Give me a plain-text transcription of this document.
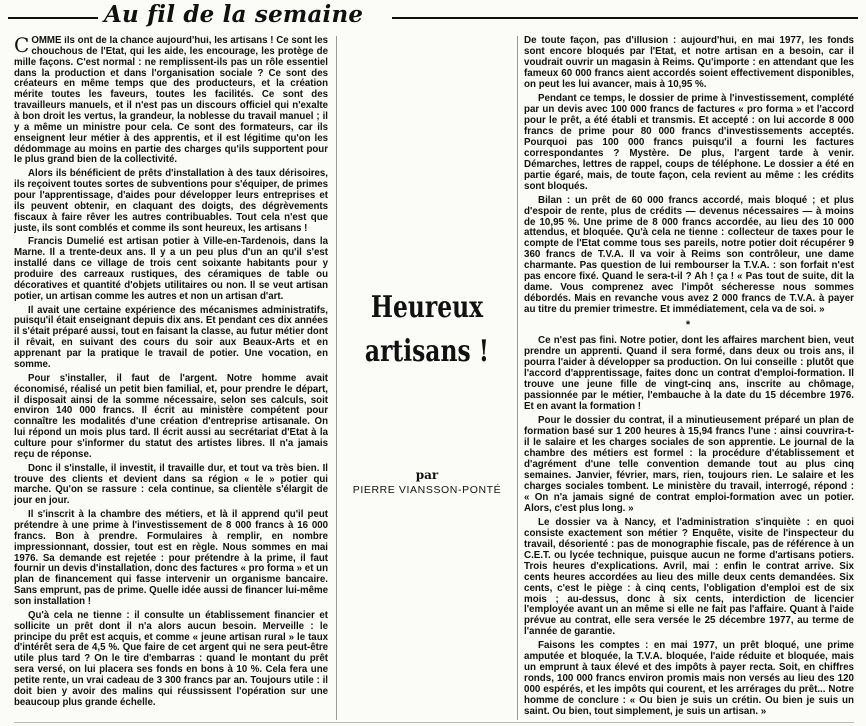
Au fil de la semaine

COMME ils ont de la chance aujourd'hui, les artisans ! Ce sont les chouchous de l'Etat, qui les aide, les encourage, les protège de mille façons. C'est normal : ne remplissent-ils pas un rôle essentiel dans la production et dans l'organisation sociale ? Ce sont des créateurs en même temps que des producteurs, et la création mérite toutes les faveurs, toutes les facilités. Ce sont des travailleurs manuels, et il n'est pas un discours officiel qui n'exalte à bon droit les vertus, la grandeur, la noblesse du travail manuel ; il y a même un ministre pour cela. Ce sont des formateurs, car ils enseignent leur métier à des apprentis, et il est légitime qu'on les dédommage au moins en partie des charges qu'ils supportent pour le plus grand bien de la collectivité.

Alors ils bénéficient de prêts d'installation à des taux dérisoires, ils reçoivent toutes sortes de subventions pour s'équiper, de primes pour l'apprentissage, d'aides pour développer leurs entreprises et ils peuvent obtenir, en claquant des doigts, des dégrèvements fiscaux à faire rêver les autres contribuables. Tout cela n'est que juste, ils sont comblés et comme ils sont heureux, les artisans !

Francis Dumelié est artisan potier à Ville-en-Tardenois, dans la Marne. Il a trente-deux ans. Il y a un peu plus d'un an qu'il s'est installé dans ce village de trois cent soixante habitants pour y produire des carreaux rustiques, des céramiques de table ou décoratives et quantité d'objets utilitaires ou non. Il se veut artisan potier, un artisan comme les autres et non un artisan d'art.

Il avait une certaine expérience des mécanismes administratifs, puisqu'il était enseignant depuis dix ans. Et pendant ces dix années il s'était préparé aussi, tout en faisant la classe, au futur métier dont il rêvait, en suivant des cours du soir aux Beaux-Arts et en apprenant par la pratique le travail de potier. Une vocation, en somme.

Pour s'installer, il faut de l'argent. Notre homme avait économisé, réalisé un petit bien familial, et, pour prendre le départ, il disposait ainsi de la somme nécessaire, selon ses calculs, soit environ 140 000 francs. Il écrit au ministère compétent pour connaître les modalités d'une création d'entreprise artisanale. On lui répond un mois plus tard. Il écrit aussi au secrétariat d'Etat à la culture pour s'informer du statut des artistes libres. Il n'a jamais reçu de réponse.

Donc il s'installe, il investit, il travaille dur, et tout va très bien. Il trouve des clients et devient dans sa région « le » potier qui marche. Qu'on se rassure : cela continue, sa clientèle s'élargit de jour en jour.

Il s'inscrit à la chambre des métiers, et là il apprend qu'il peut prétendre à une prime à l'investissement de 8 000 francs à 16 000 francs. Bon à prendre. Formulaires à remplir, en nombre impressionnant, dossier, tout est en règle. Nous sommes en mai 1976. Sa demande est rejetée : pour prétendre à la prime, il faut fournir un devis d'installation, donc des factures « pro forma » et un plan de financement qui fasse intervenir un organisme bancaire. Sans emprunt, pas de prime. Quelle idée aussi de financer lui-même son installation !

Qu'à cela ne tienne : il consulte un établissement financier et sollicite un prêt dont il n'a alors aucun besoin. Merveille : le principe du prêt est acquis, et comme « jeune artisan rural » le taux d'intérêt sera de 4,5 %. Que faire de cet argent qui ne sera peut-être utile plus tard ? On le tire d'embarras : quand le montant du prêt sera versé, on lui placera ses fonds en bons à 10 %. Cela fera une petite rente, un vrai cadeau de 3 300 francs par an. Toujours utile : il doit bien y avoir des malins qui réussissent l'opération sur une beaucoup plus grande échelle.

Heureux artisans !
par
PIERRE VIANSSON-PONTÉ

De toute façon, pas d'illusion : aujourd'hui, en mai 1977, les fonds sont encore bloqués par l'Etat, et notre artisan en a besoin, car il voudrait ouvrir un magasin à Reims. Qu'importe : en attendant que les fameux 60 000 francs aient accordés soient effectivement disponibles, on peut les lui avancer, mais à 10,95 %.

Pendant ce temps, le dossier de prime à l'investissement, complété par un devis avec 100 000 francs de factures « pro forma » et l'accord pour le prêt, a été établi et transmis. Et accepté : on lui accorde 8 000 francs de prime pour 80 000 francs d'investissements acceptés. Pourquoi pas 100 000 francs puisqu'il a fourni les factures correspondantes ? Mystère. De plus, l'argent tarde à venir. Démarches, lettres de rappel, coups de téléphone. Le dossier a été en partie égaré, mais, de toute façon, cela revient au même : les crédits sont bloqués.

Bilan : un prêt de 60 000 francs accordé, mais bloqué ; et plus d'espoir de rente, plus de crédits — devenus nécessaires — à moins de 10,95 %. Une prime de 8 000 francs accordée, au lieu des 10 000 attendus, et bloquée. Qu'à cela ne tienne : collecteur de taxes pour le compte de l'Etat comme tous ses pareils, notre potier doit récupérer 9 360 francs de T.V.A. Il va voir à Reims son contrôleur, une dame charmante. Pas question de lui rembourser la T.V.A. : son forfait n'est pas encore fixé. Quand le sera-t-il ? Ah ! ça ! « Pas tout de suite, dit la dame. Vous comprenez avec l'impôt sécheresse nous sommes débordés. Mais en revanche vous avez 2 000 francs de T.V.A. à payer au titre du premier trimestre. Et immédiatement, cela va de soi. »

*

Ce n'est pas fini. Notre potier, dont les affaires marchent bien, veut prendre un apprenti. Quand il sera formé, dans deux ou trois ans, il pourra l'aider à développer sa production. On lui conseille : plutôt que l'accord d'apprentissage, faites donc un contrat d'emploi-formation. Il trouve une jeune fille de vingt-cinq ans, inscrite au chômage, passionnée par le métier, l'embauche à la date du 15 décembre 1976. Et en avant la formation !

Pour le dossier du contrat, il a minutieusement préparé un plan de formation basé sur 1 200 heures à 15,94 francs l'une : ainsi couvrira-t-il le salaire et les charges sociales de son apprentie. Le journal de la chambre des métiers est formel : la procédure d'établissement et d'agrément d'une telle convention demande tout au plus cinq semaines. Janvier, février, mars, rien, toujours rien. Le salaire et les charges sociales tombent. Le ministère du travail, interrogé, répond : « On n'a jamais signé de contrat emploi-formation avec un potier. Alors, c'est plus long. »

Le dossier va à Nancy, et l'administration s'inquiète : en quoi consiste exactement son métier ? Enquête, visite de l'inspecteur du travail, désorienté : pas de monographie fiscale, pas de référence à un C.E.T. ou lycée technique, puisque aucun ne forme d'artisans potiers. Trois heures d'explications. Avril, mai : enfin le contrat arrive. Six cents heures accordées au lieu des mille deux cents demandées. Six cents, c'est le piège : à cinq cents, l'obligation d'emploi est de six mois ; au-dessus, donc à six cents, interdiction de licencier l'employée avant un an même si elle ne fait pas l'affaire. Quant à l'aide prévue au contrat, elle sera versée le 25 décembre 1977, au terme de l'année de garantie.

Faisons les comptes : en mai 1977, un prêt bloqué, une prime amputée et bloquée, la T.V.A. bloquée, l'aide réduite et bloquée, mais un emprunt à taux élevé et des impôts à payer recta. Soit, en chiffres ronds, 100 000 francs environ promis mais non versés au lieu des 120 000 espérés, et les impôts qui courent, et les arrérages du prêt... Notre homme de conclure : « Ou bien je suis un crétin. Ou bien je suis un saint. Ou bien, tout simplement, je suis un artisan. »
